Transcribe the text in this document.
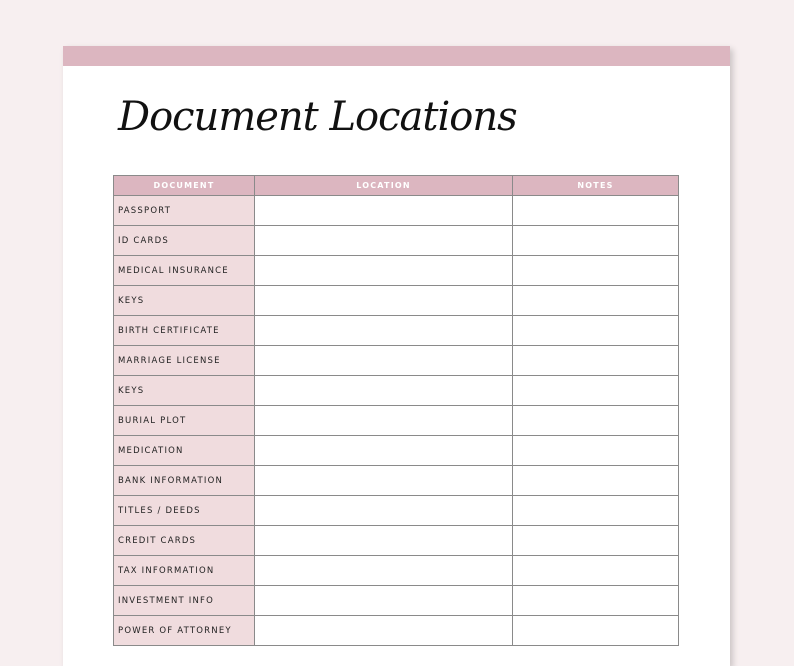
Document Locations
DOCUMENT	LOCATION	NOTES
PASSPORT		
ID CARDS		
MEDICAL INSURANCE		
KEYS		
BIRTH CERTIFICATE		
MARRIAGE LICENSE		
KEYS		
BURIAL PLOT		
MEDICATION		
BANK INFORMATION		
TITLES / DEEDS		
CREDIT CARDS		
TAX INFORMATION		
INVESTMENT INFO		
POWER OF ATTORNEY		
